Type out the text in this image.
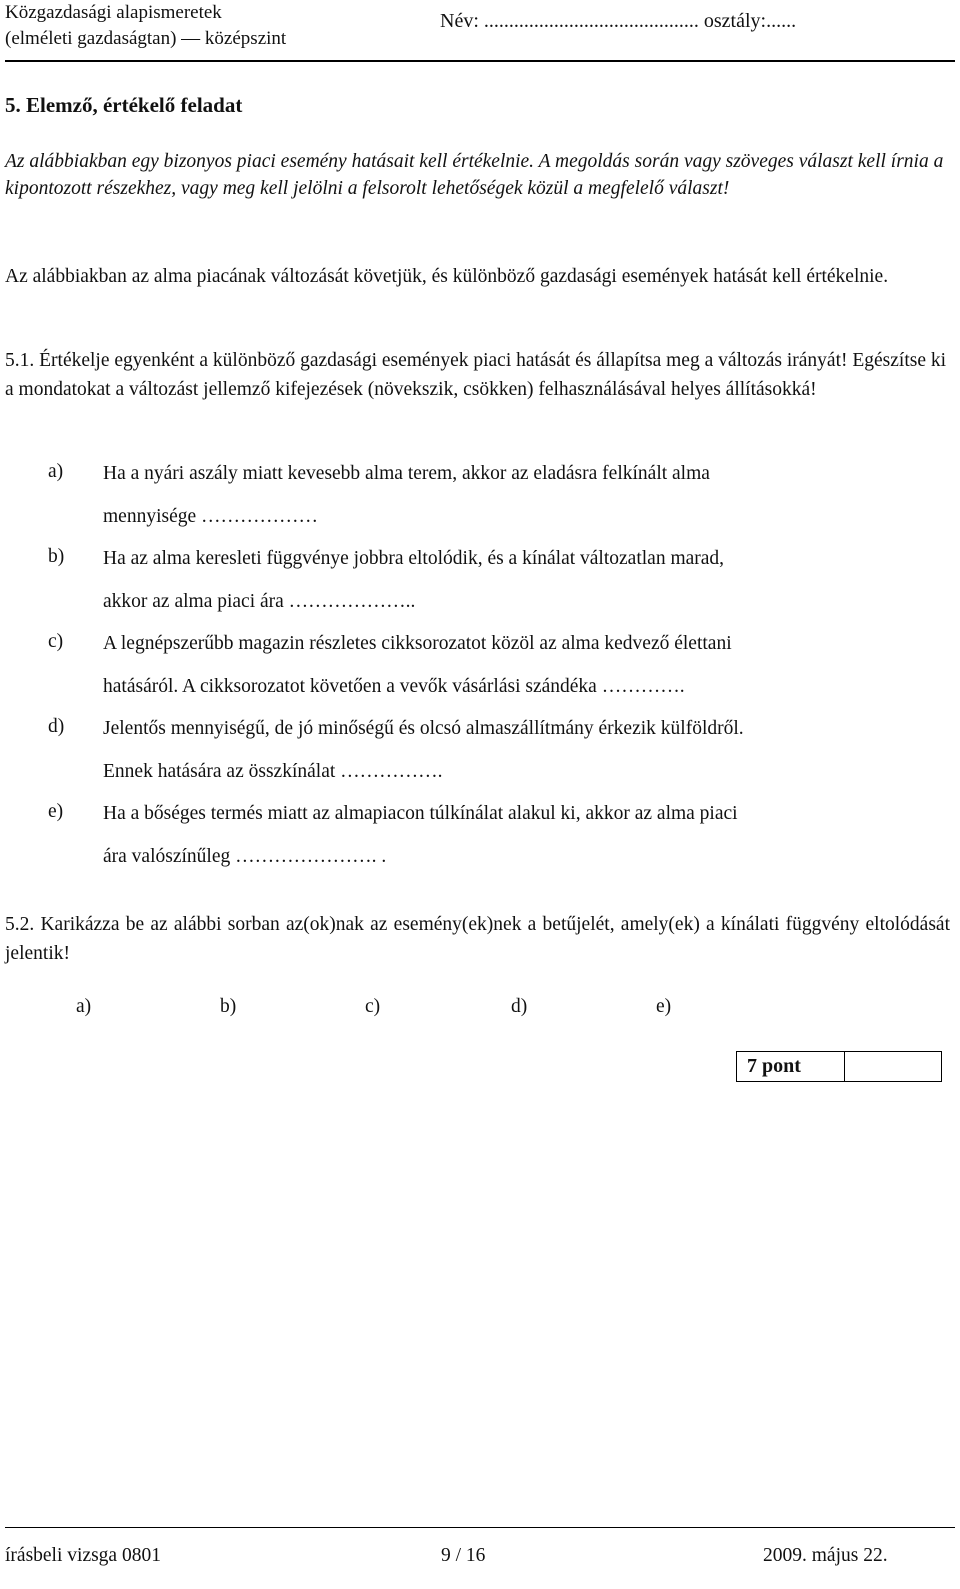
Közgazdasági alapismeretek
(elméleti gazdaságtan) — középszint
Név: ........................................... osztály:......
5. Elemző, értékelő feladat
Az alábbiakban egy bizonyos piaci esemény hatásait kell értékelnie. A megoldás során vagy szöveges választ kell írnia a kipontozott részekhez, vagy meg kell jelölni a felsorolt lehetőségek közül a megfelelő választ!
Az alábbiakban az alma piacának változását követjük, és különböző gazdasági események hatását kell értékelnie.
5.1. Értékelje egyenként a különböző gazdasági események piaci hatását és állapítsa meg a változás irányát! Egészítse ki a mondatokat a változást jellemző kifejezések (növekszik, csökken) felhasználásával helyes állításokká!
a) Ha a nyári aszály miatt kevesebb alma terem, akkor az eladásra felkínált alma
mennyisége ………………
b) Ha az alma keresleti függvénye jobbra eltolódik, és a kínálat változatlan marad,
akkor az alma piaci ára ………………..
c) A legnépszerűbb magazin részletes cikksorozatot közöl az alma kedvező élettani
hatásáról. A cikksorozatot követően a vevők vásárlási szándéka ………….
d) Jelentős mennyiségű, de jó minőségű és olcsó almaszállítmány érkezik külföldről.
Ennek hatására az összkínálat …………….
e) Ha a bőséges termés miatt az almapiacon túlkínálat alakul ki, akkor az alma piaci
ára valószínűleg …………………. .
5.2. Karikázza be az alábbi sorban az(ok)nak az esemény(ek)nek a betűjelét, amely(ek) a kínálati függvény eltolódását jelentik!
a)	b)	c)	d)	e)
7 pont
írásbeli vizsga 0801	9 / 16	2009. május 22.
